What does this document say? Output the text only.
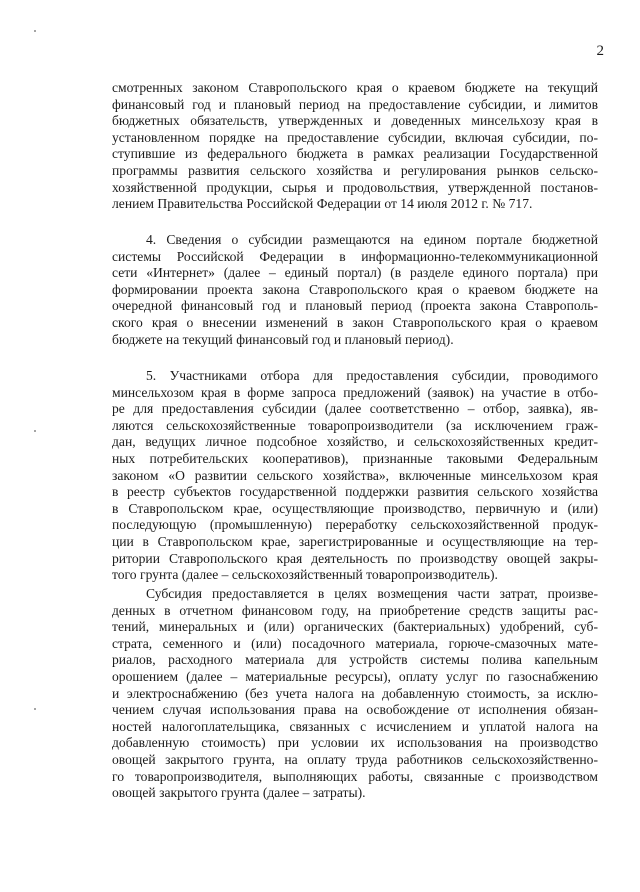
2
смотренных законом Ставропольского края о краевом бюджете на текущий
финансовый год и плановый период на предоставление субсидии, и лимитов
бюджетных обязательств, утвержденных и доведенных минсельхозу края в
установленном порядке на предоставление субсидии, включая субсидии, по-
ступившие из федерального бюджета в рамках реализации Государственной
программы развития сельского хозяйства и регулирования рынков сельско-
хозяйственной продукции, сырья и продовольствия, утвержденной постанов-
лением Правительства Российской Федерации от 14 июля 2012 г. № 717.
4. Сведения о субсидии размещаются на едином портале бюджетной
системы Российской Федерации в информационно-телекоммуникационной
сети «Интернет» (далее – единый портал) (в разделе единого портала) при
формировании проекта закона Ставропольского края о краевом бюджете на
очередной финансовый год и плановый период (проекта закона Ставрополь-
ского края о внесении изменений в закон Ставропольского края о краевом
бюджете на текущий финансовый год и плановый период).
5. Участниками отбора для предоставления субсидии, проводимого
минсельхозом края в форме запроса предложений (заявок) на участие в отбо-
ре для предоставления субсидии (далее соответственно – отбор, заявка), яв-
ляются сельскохозяйственные товаропроизводители (за исключением граж-
дан, ведущих личное подсобное хозяйство, и сельскохозяйственных кредит-
ных потребительских кооперативов), признанные таковыми Федеральным
законом «О развитии сельского хозяйства», включенные минсельхозом края
в реестр субъектов государственной поддержки развития сельского хозяйства
в Ставропольском крае, осуществляющие производство, первичную и (или)
последующую (промышленную) переработку сельскохозяйственной продук-
ции в Ставропольском крае, зарегистрированные и осуществляющие на тер-
ритории Ставропольского края деятельность по производству овощей закры-
того грунта (далее – сельскохозяйственный товаропроизводитель).
Субсидия предоставляется в целях возмещения части затрат, произве-
денных в отчетном финансовом году, на приобретение средств защиты рас-
тений, минеральных и (или) органических (бактериальных) удобрений, суб-
страта, семенного и (или) посадочного материала, горюче-смазочных мате-
риалов, расходного материала для устройств системы полива капельным
орошением (далее – материальные ресурсы), оплату услуг по газоснабжению
и электроснабжению (без учета налога на добавленную стоимость, за исклю-
чением случая использования права на освобождение от исполнения обязан-
ностей налогоплательщика, связанных с исчислением и уплатой налога на
добавленную стоимость) при условии их использования на производство
овощей закрытого грунта, на оплату труда работников сельскохозяйственно-
го товаропроизводителя, выполняющих работы, связанные с производством
овощей закрытого грунта (далее – затраты).
